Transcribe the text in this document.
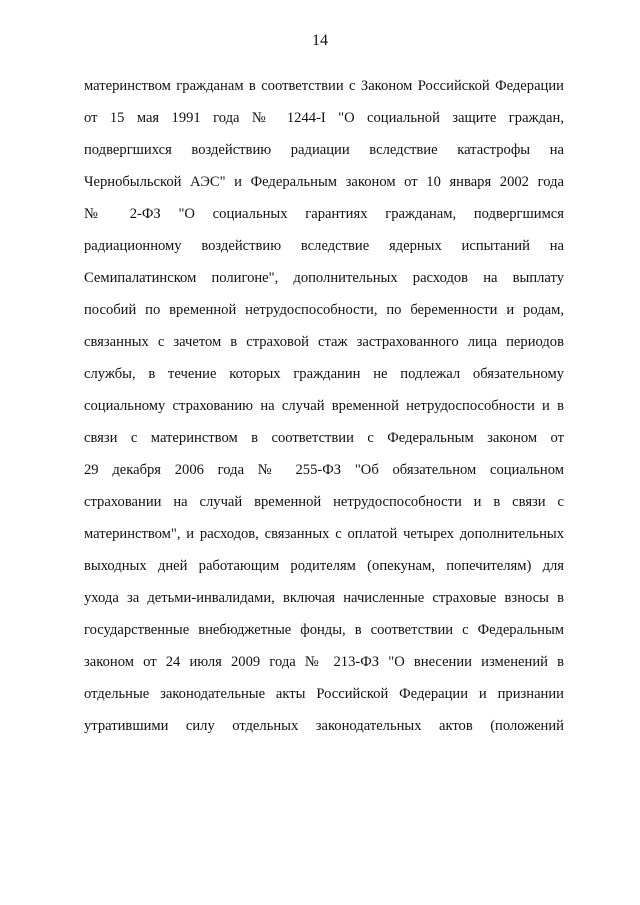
14
материнством гражданам в соответствии с Законом Российской Федерации
от 15 мая 1991 года № 1244-I "О социальной защите граждан,
подвергшихся воздействию радиации вследствие катастрофы на
Чернобыльской АЭС" и Федеральным законом от 10 января 2002 года
№ 2-ФЗ "О социальных гарантиях гражданам, подвергшимся
радиационному воздействию вследствие ядерных испытаний на
Семипалатинском полигоне", дополнительных расходов на выплату
пособий по временной нетрудоспособности, по беременности и родам,
связанных с зачетом в страховой стаж застрахованного лица периодов
службы, в течение которых гражданин не подлежал обязательному
социальному страхованию на случай временной нетрудоспособности и в
связи с материнством в соответствии с Федеральным законом от
29 декабря 2006 года № 255-ФЗ "Об обязательном социальном
страховании на случай временной нетрудоспособности и в связи с
материнством", и расходов, связанных с оплатой четырех дополнительных
выходных дней работающим родителям (опекунам, попечителям) для
ухода за детьми-инвалидами, включая начисленные страховые взносы в
государственные внебюджетные фонды, в соответствии с Федеральным
законом от 24 июля 2009 года № 213-ФЗ "О внесении изменений в
отдельные законодательные акты Российской Федерации и признании
утратившими силу отдельных законодательных актов (положений
